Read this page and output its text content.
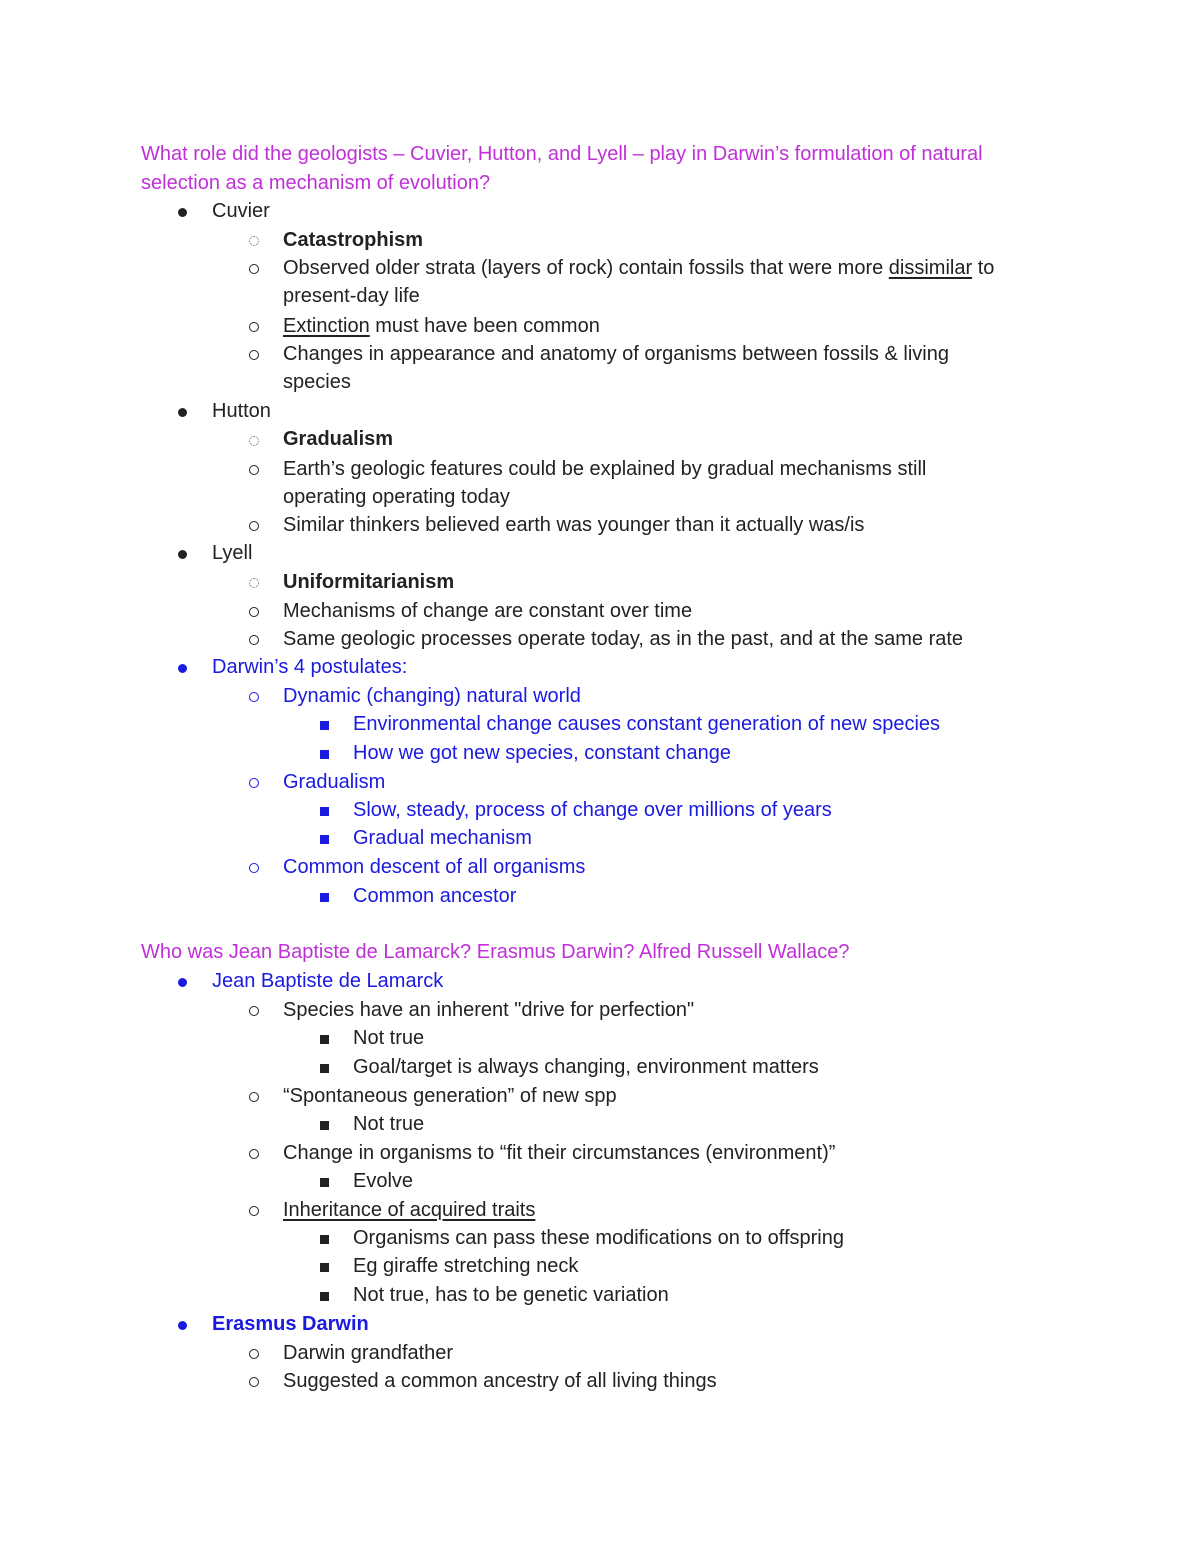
What role did the geologists – Cuvier, Hutton, and Lyell – play in Darwin’s formulation of natural
selection as a mechanism of evolution?
Cuvier
Catastrophism
Observed older strata (layers of rock) contain fossils that were more dissimilar to
present-day life
Extinction must have been common
Changes in appearance and anatomy of organisms between fossils & living
species
Hutton
Gradualism
Earth’s geologic features could be explained by gradual mechanisms still
operating operating today
Similar thinkers believed earth was younger than it actually was/is
Lyell
Uniformitarianism
Mechanisms of change are constant over time
Same geologic processes operate today, as in the past, and at the same rate
Darwin’s 4 postulates:
Dynamic (changing) natural world
Environmental change causes constant generation of new species
How we got new species, constant change
Gradualism
Slow, steady, process of change over millions of years
Gradual mechanism
Common descent of all organisms
Common ancestor
Who was Jean Baptiste de Lamarck? Erasmus Darwin? Alfred Russell Wallace?
Jean Baptiste de Lamarck
Species have an inherent "drive for perfection"
Not true
Goal/target is always changing, environment matters
“Spontaneous generation” of new spp
Not true
Change in organisms to “fit their circumstances (environment)”
Evolve
Inheritance of acquired traits
Organisms can pass these modifications on to offspring
Eg giraffe stretching neck
Not true, has to be genetic variation
Erasmus Darwin
Darwin grandfather
Suggested a common ancestry of all living things
